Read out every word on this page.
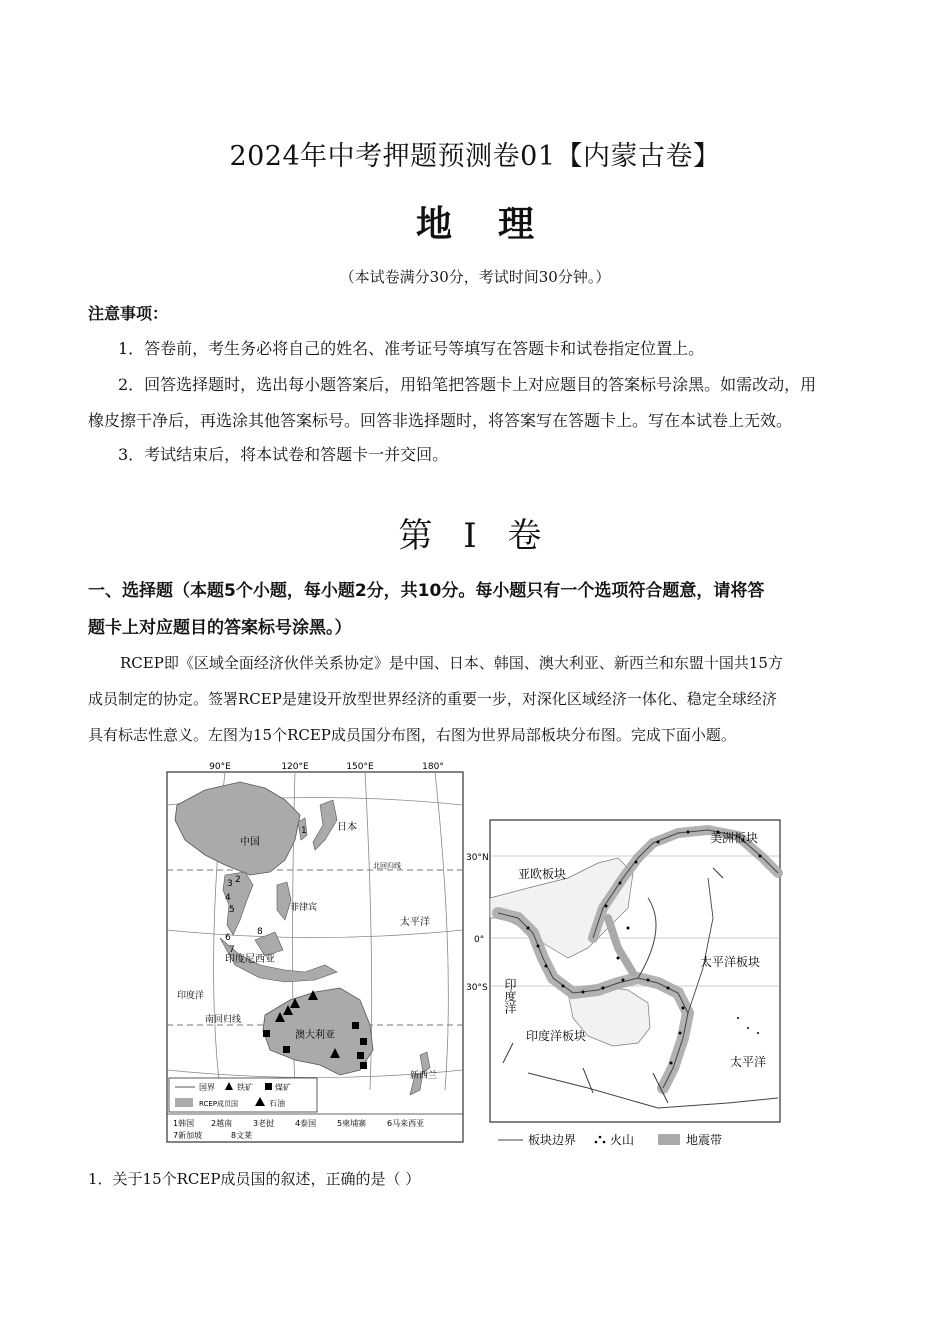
2024年中考押题预测卷01【内蒙古卷】
地理
（本试卷满分30分，考试时间30分钟。）
注意事项：
1．答卷前，考生务必将自己的姓名、准考证号等填写在答题卡和试卷指定位置上。
2．回答选择题时，选出每小题答案后，用铅笔把答题卡上对应题目的答案标号涂黑。如需改动，用
橡皮擦干净后，再选涂其他答案标号。回答非选择题时，将答案写在答题卡上。写在本试卷上无效。
3．考试结束后，将本试卷和答题卡一并交回。
第 I 卷
一、选择题（本题5个小题，每小题2分，共10分。每小题只有一个选项符合题意，请将答
题卡上对应题目的答案标号涂黑。）
RCEP即《区域全面经济伙伴关系协定》是中国、日本、韩国、澳大利亚、新西兰和东盟十国共15方
成员制定的协定。签署RCEP是建设开放型世界经济的重要一步，对深化区域经济一体化、稳定全球经济
具有标志性意义。左图为15个RCEP成员国分布图，右图为世界局部板块分布图。完成下面小题。
90°E	120°E	150°E	180°
中国
日本
北回归线
太平洋
菲律宾
印度尼西亚
印度洋
南回归线
澳大利亚
新西兰
1
2
3
4
5
6
7
8
国界	铁矿	煤矿
RCEP成员国	石油
1韩国 2越南	3老挝	4泰国	5柬埔寨	6马来西亚
7新加坡	8文莱
30°N
0°
30°S
美洲板块
亚欧板块
太平洋板块
印度洋
印度洋板块
太平洋
板块边界	火山	地震带
1．关于15个RCEP成员国的叙述，正确的是（ ）
